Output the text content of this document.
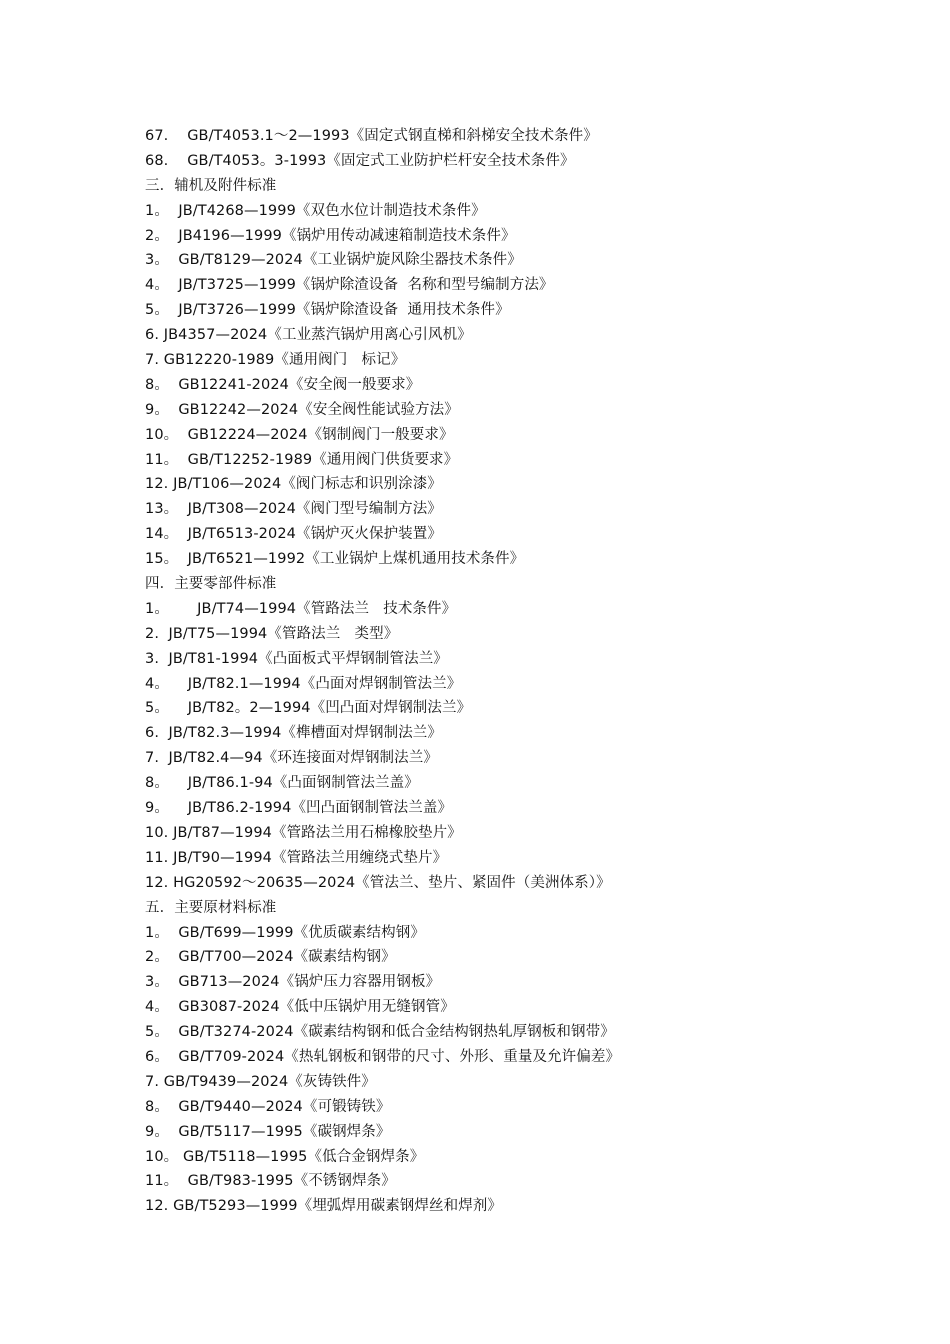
67.    GB/T4053.1～2—1993《固定式钢直梯和斜梯安全技术条件》
68.    GB/T4053。3-1993《固定式工业防护栏杆安全技术条件》
三．辅机及附件标准
1。  JB/T4268—1999《双色水位计制造技术条件》
2。  JB4196—1999《锅炉用传动减速箱制造技术条件》
3。  GB/T8129—2024《工业锅炉旋风除尘器技术条件》
4。  JB/T3725—1999《锅炉除渣设备  名称和型号编制方法》
5。  JB/T3726—1999《锅炉除渣设备  通用技术条件》
6. JB4357—2024《工业蒸汽锅炉用离心引风机》
7. GB12220-1989《通用阀门   标记》
8。  GB12241-2024《安全阀一般要求》
9。  GB12242—2024《安全阀性能试验方法》
10。  GB12224—2024《钢制阀门一般要求》
11。  GB/T12252-1989《通用阀门供货要求》
12. JB/T106—2024《阀门标志和识别涂漆》
13。  JB/T308—2024《阀门型号编制方法》
14。  JB/T6513-2024《锅炉灭火保护装置》
15。  JB/T6521—1992《工业锅炉上煤机通用技术条件》
四．主要零部件标准
1。      JB/T74—1994《管路法兰   技术条件》
2.  JB/T75—1994《管路法兰   类型》
3.  JB/T81-1994《凸面板式平焊钢制管法兰》
4。    JB/T82.1—1994《凸面对焊钢制管法兰》
5。    JB/T82。2—1994《凹凸面对焊钢制法兰》
6.  JB/T82.3—1994《榫槽面对焊钢制法兰》
7.  JB/T82.4—94《环连接面对焊钢制法兰》
8。    JB/T86.1-94《凸面钢制管法兰盖》
9。    JB/T86.2-1994《凹凸面钢制管法兰盖》
10. JB/T87—1994《管路法兰用石棉橡胶垫片》
11. JB/T90—1994《管路法兰用缠绕式垫片》
12. HG20592～20635—2024《管法兰、垫片、紧固件（美洲体系）》
五．主要原材料标准
1。  GB/T699—1999《优质碳素结构钢》
2。  GB/T700—2024《碳素结构钢》
3。  GB713—2024《锅炉压力容器用钢板》
4。  GB3087-2024《低中压锅炉用无缝钢管》
5。  GB/T3274-2024《碳素结构钢和低合金结构钢热轧厚钢板和钢带》
6。  GB/T709-2024《热轧钢板和钢带的尺寸、外形、重量及允许偏差》
7. GB/T9439—2024《灰铸铁件》
8。  GB/T9440—2024《可锻铸铁》
9。  GB/T5117—1995《碳钢焊条》
10。 GB/T5118—1995《低合金钢焊条》
11。  GB/T983-1995《不锈钢焊条》
12. GB/T5293—1999《埋弧焊用碳素钢焊丝和焊剂》
